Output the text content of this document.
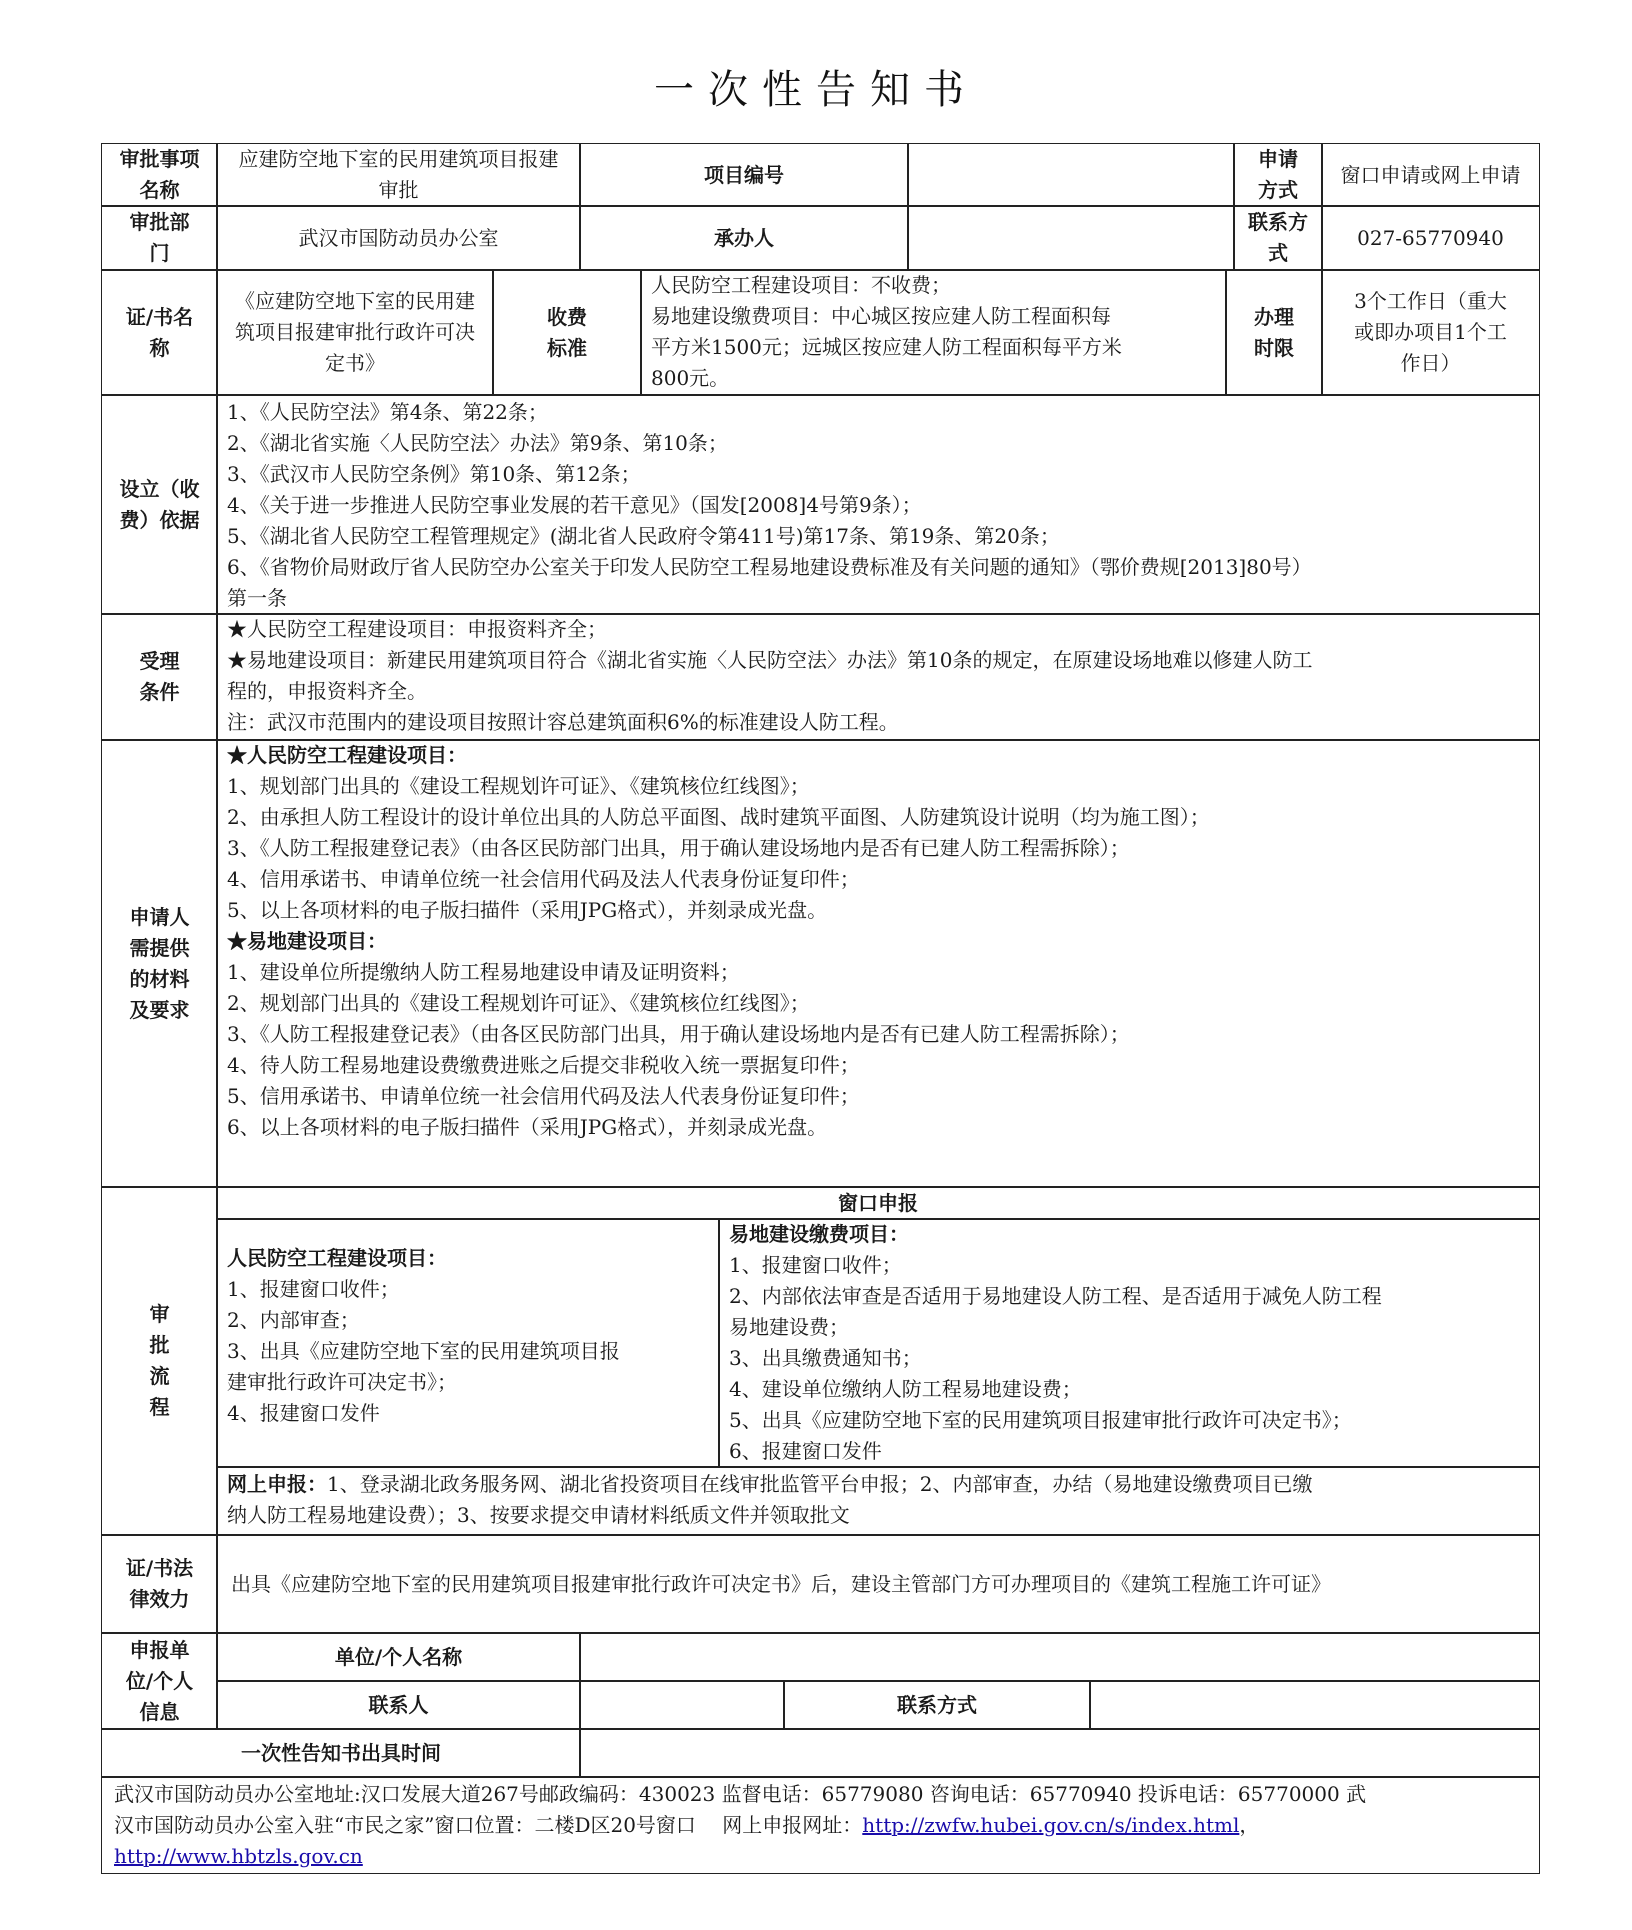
一次性告知书
审批事项名称
应建防空地下室的民用建筑项目报建审批
项目编号
申请方式
窗口申请或网上申请
审批部门
武汉市国防动员办公室	承办人
联系方式
027-65770940
证/书名称
《应建防空地下室的民用建筑项目报建审批行政许可决定书》
收费标准
人民防空工程建设项目：不收费；
易地建设缴费项目：中心城区按应建人防工程面积每
平方米1500元；远城区按应建人防工程面积每平方米
800元。
办理时限
3个工作日（重大或即办项目1个工作日）
设立（收费）依据
1、《人民防空法》第4条、第22条；
2、《湖北省实施〈人民防空法〉办法》第9条、第10条；
3、《武汉市人民防空条例》第10条、第12条；
4、《关于进一步推进人民防空事业发展的若干意见》（国发[2008]4号第9条）；
5、《湖北省人民防空工程管理规定》(湖北省人民政府令第411号)第17条、第19条、第20条；
6、《省物价局财政厅省人民防空办公室关于印发人民防空工程易地建设费标准及有关问题的通知》（鄂价费规[2013]80号）
第一条
受理条件
★人民防空工程建设项目：申报资料齐全；
★易地建设项目：新建民用建筑项目符合《湖北省实施〈人民防空法〉办法》第10条的规定，在原建设场地难以修建人防工
程的，申报资料齐全。
注：武汉市范围内的建设项目按照计容总建筑面积6%的标准建设人防工程。
申请人需提供的材料及要求
★人民防空工程建设项目：
1、规划部门出具的《建设工程规划许可证》、《建筑核位红线图》；
2、由承担人防工程设计的设计单位出具的人防总平面图、战时建筑平面图、人防建筑设计说明（均为施工图）；
3、《人防工程报建登记表》（由各区民防部门出具，用于确认建设场地内是否有已建人防工程需拆除）；
4、信用承诺书、申请单位统一社会信用代码及法人代表身份证复印件；
5、以上各项材料的电子版扫描件（采用JPG格式），并刻录成光盘。
★易地建设项目：
1、建设单位所提缴纳人防工程易地建设申请及证明资料；
2、规划部门出具的《建设工程规划许可证》、《建筑核位红线图》；
3、《人防工程报建登记表》（由各区民防部门出具，用于确认建设场地内是否有已建人防工程需拆除）；
4、待人防工程易地建设费缴费进账之后提交非税收入统一票据复印件；
5、信用承诺书、申请单位统一社会信用代码及法人代表身份证复印件；
6、以上各项材料的电子版扫描件（采用JPG格式），并刻录成光盘。
审批流程
窗口申报
人民防空工程建设项目：
1、报建窗口收件；
2、内部审查；
3、出具《应建防空地下室的民用建筑项目报
建审批行政许可决定书》；
4、报建窗口发件
易地建设缴费项目：
1、报建窗口收件；
2、内部依法审查是否适用于易地建设人防工程、是否适用于减免人防工程
易地建设费；
3、出具缴费通知书；
4、建设单位缴纳人防工程易地建设费；
5、出具《应建防空地下室的民用建筑项目报建审批行政许可决定书》；
6、报建窗口发件
网上申报：1、登录湖北政务服务网、湖北省投资项目在线审批监管平台申报；2、内部审查，办结（易地建设缴费项目已缴
纳人防工程易地建设费）；3、按要求提交申请材料纸质文件并领取批文
证/书法律效力
出具《应建防空地下室的民用建筑项目报建审批行政许可决定书》后，建设主管部门方可办理项目的《建筑工程施工许可证》
申报单位/个人信息
单位/个人名称
联系人	联系方式
一次性告知书出具时间
武汉市国防动员办公室地址:汉口发展大道267号邮政编码：430023 监督电话：65779080 咨询电话：65770940 投诉电话：65770000 武
汉市国防动员办公室入驻“市民之家”窗口位置：二楼D区20号窗口　 网上申报网址：http://zwfw.hubei.gov.cn/s/index.html，
http://www.hbtzls.gov.cn
